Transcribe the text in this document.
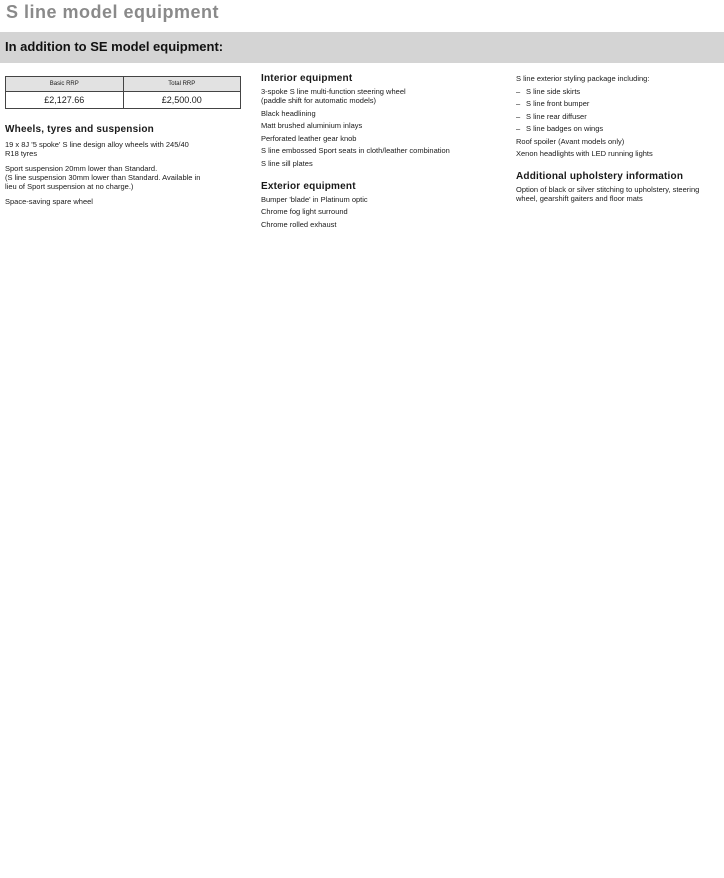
S line model equipment
In addition to SE model equipment:
Basic RRP	Total RRP
£2,127.66	£2,500.00
Wheels, tyres and suspension

19 x 8J '5 spoke' S line design alloy wheels with 245/40
R18 tyres

Sport suspension 20mm lower than Standard.
(S line suspension 30mm lower than Standard. Available in
lieu of Sport suspension at no charge.)

Space-saving spare wheel

Interior equipment

3-spoke S line multi-function steering wheel
(paddle shift for automatic models)

Black headlining

Matt brushed aluminium inlays

Perforated leather gear knob

S line embossed Sport seats in cloth/leather combination

S line sill plates

Exterior equipment

Bumper 'blade' in Platinum optic

Chrome fog light surround

Chrome rolled exhaust

S line exterior styling package including:

– S line side skirts

– S line front bumper

– S line rear diffuser

– S line badges on wings

Roof spoiler (Avant models only)

Xenon headlights with LED running lights

Additional upholstery information

Option of black or silver stitching to upholstery, steering
wheel, gearshift gaiters and floor mats
